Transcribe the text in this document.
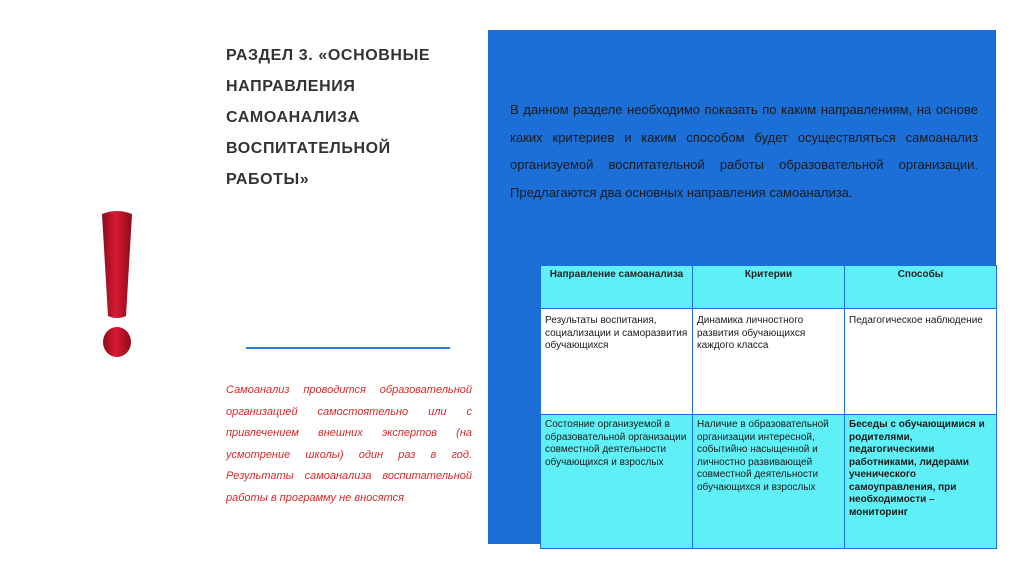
РАЗДЕЛ 3. «ОСНОВНЫЕ
НАПРАВЛЕНИЯ
САМОАНАЛИЗА
ВОСПИТАТЕЛЬНОЙ
РАБОТЫ»
Самоанализ проводится образовательной организацией самостоятельно или с привлечением внешних экспертов (на усмотрение школы) один раз в год. Результаты самоанализа воспитательной работы в программу не вносятся
В данном разделе необходимо показать по каким направлениям, на основе каких критериев и каким способом будет осуществляться самоанализ организуемой воспитательной работы образовательной организации. Предлагаются два основных направления самоанализа.
Направление самоанализа	Критерии	Способы
Результаты воспитания, социализации и саморазвития обучающихся	Динамика личностного развития обучающихся каждого класса	Педагогическое наблюдение
Состояние организуемой в образовательной организации совместной деятельности обучающихся и взрослых	Наличие в образовательной организации интересной, событийно насыщенной и личностно развивающей совместной деятельности обучающихся и взрослых	Беседы с обучающимися и родителями, педагогическими работниками, лидерами ученического самоуправления, при необходимости – мониторинг
